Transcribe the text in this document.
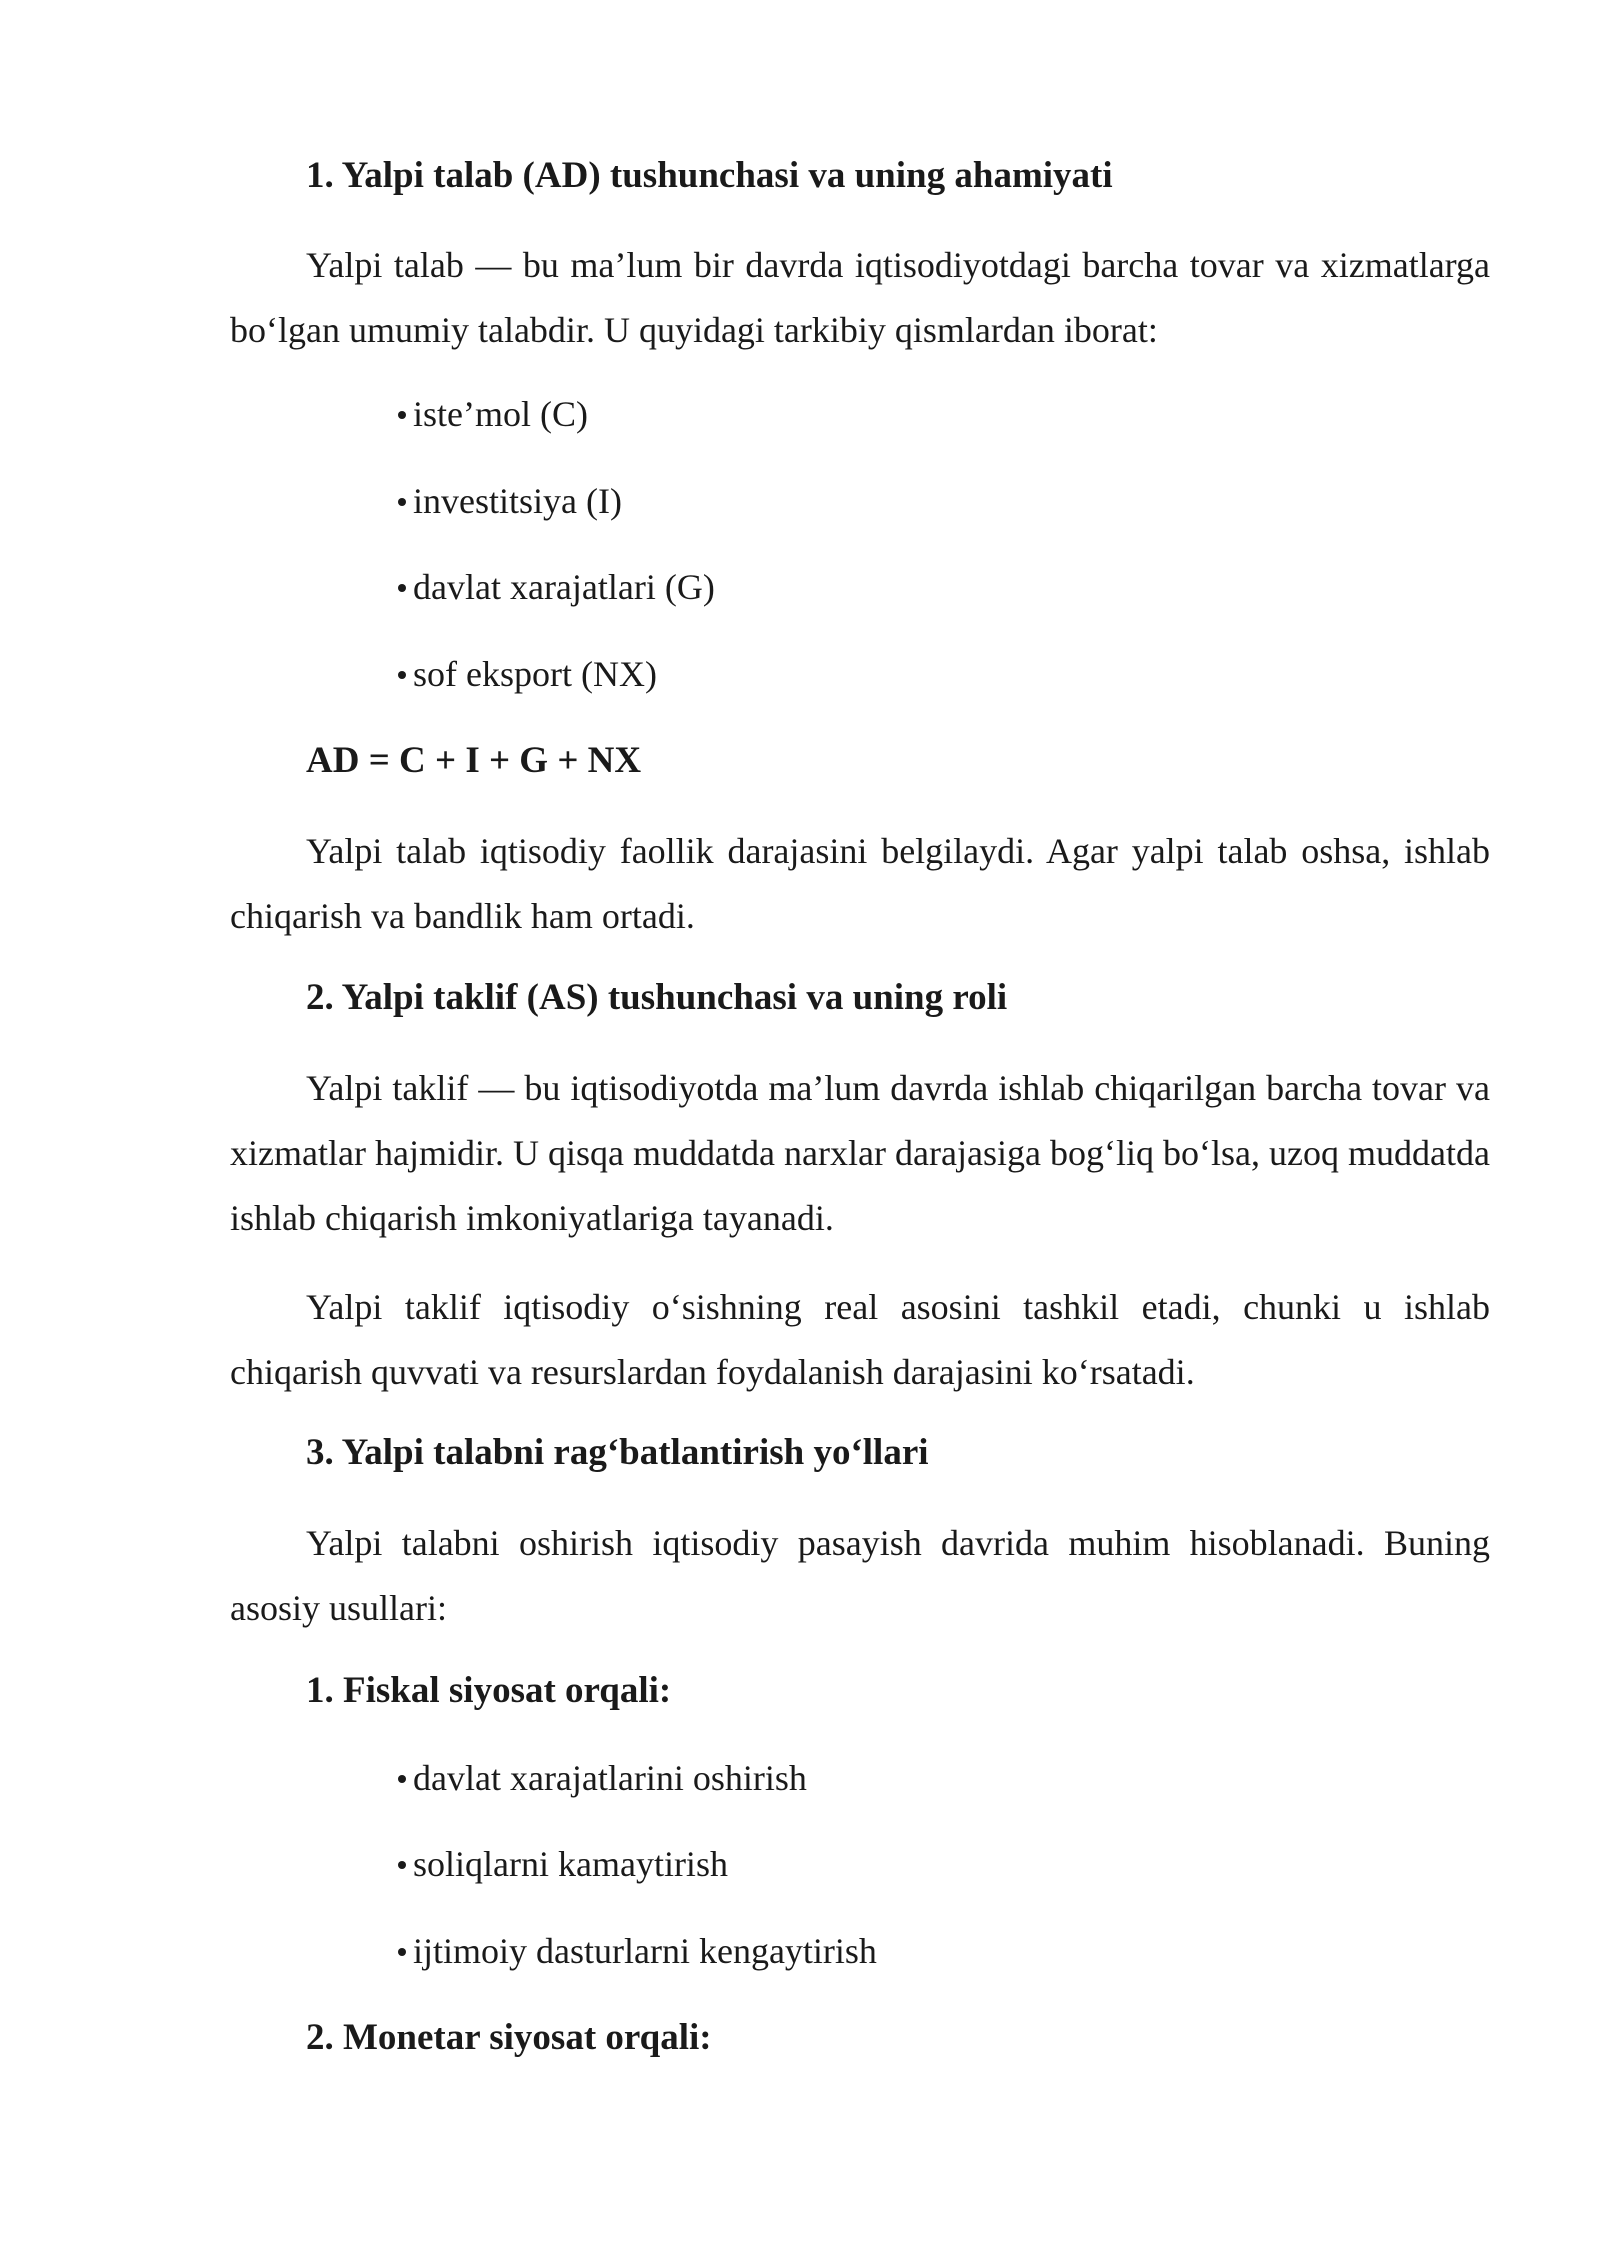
1. Yalpi talab (AD) tushunchasi va uning ahamiyati

Yalpi talab — bu ma’lum bir davrda iqtisodiyotdagi barcha tovar va xizmatlarga bo‘lgan umumiy talabdir. U quyidagi tarkibiy qismlardan iborat:

iste’mol (C)
investitsiya (I)
davlat xarajatlari (G)
sof eksport (NX)
AD = C + I + G + NX

Yalpi talab iqtisodiy faollik darajasini belgilaydi. Agar yalpi talab oshsa, ishlab chiqarish va bandlik ham ortadi.

2. Yalpi taklif (AS) tushunchasi va uning roli

Yalpi taklif — bu iqtisodiyotda ma’lum davrda ishlab chiqarilgan barcha tovar va xizmatlar hajmidir. U qisqa muddatda narxlar darajasiga bog‘liq bo‘lsa, uzoq muddatda ishlab chiqarish imkoniyatlariga tayanadi.

Yalpi taklif iqtisodiy o‘sishning real asosini tashkil etadi, chunki u ishlab chiqarish quvvati va resurslardan foydalanish darajasini ko‘rsatadi.

3. Yalpi talabni rag‘batlantirish yo‘llari

Yalpi talabni oshirish iqtisodiy pasayish davrida muhim hisoblanadi. Buning asosiy usullari:

1. Fiskal siyosat orqali:
davlat xarajatlarini oshirish
soliqlarni kamaytirish
ijtimoiy dasturlarni kengaytirish
2. Monetar siyosat orqali:
